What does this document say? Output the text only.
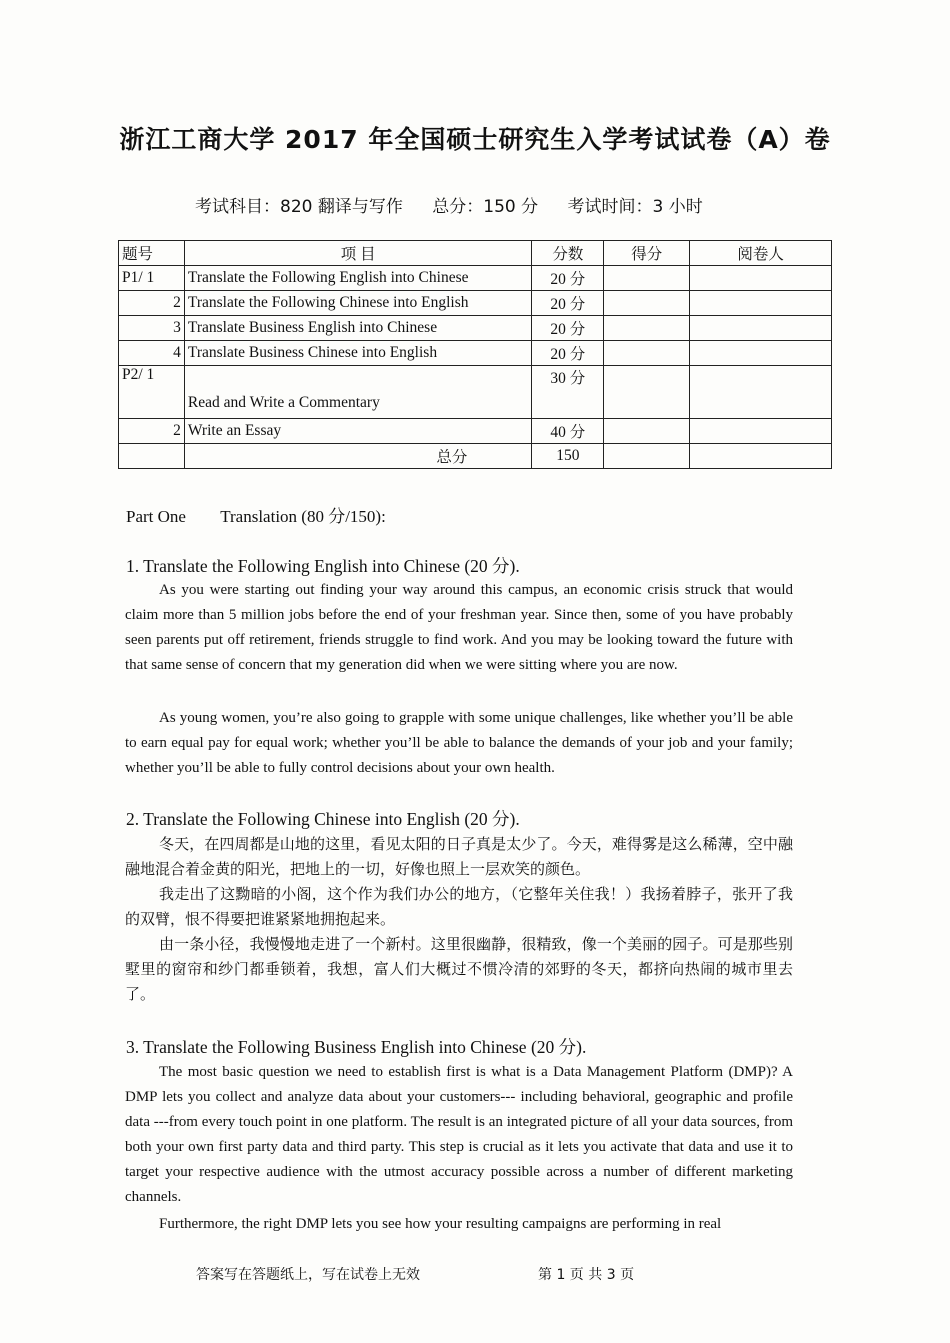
浙江工商大学 2017 年全国硕士研究生入学考试试卷（A）卷
考试科目：820 翻译与写作 总分：150 分 考试时间：3 小时
题号	项 目	分数	得分	阅卷人
P1/ 1	Translate the Following English into Chinese	20 分		
2	Translate the Following Chinese into English	20 分		
3	Translate Business English into Chinese	20 分		
4	Translate Business Chinese into English	20 分		
P2/ 1	Read and Write a Commentary	30 分		
2	Write an Essay	40 分		
	总分	150		
Part One Translation (80 分/150):
1. Translate the Following English into Chinese (20 分).
As you were starting out finding your way around this campus, an economic crisis struck that would claim more than 5 million jobs before the end of your freshman year. Since then, some of you have probably seen parents put off retirement, friends struggle to find work. And you may be looking toward the future with that same sense of concern that my generation did when we were sitting where you are now.
As young women, you’re also going to grapple with some unique challenges, like whether you’ll be able to earn equal pay for equal work; whether you’ll be able to balance the demands of your job and your family; whether you’ll be able to fully control decisions about your own health.
2. Translate the Following Chinese into English (20 分).
冬天，在四周都是山地的这里，看见太阳的日子真是太少了。今天，难得雾是这么稀薄，空中融融地混合着金黄的阳光，把地上的一切，好像也照上一层欢笑的颜色。
我走出了这黝暗的小阁，这个作为我们办公的地方，（它整年关住我！）我扬着脖子，张开了我的双臂，恨不得要把谁紧紧地拥抱起来。
由一条小径，我慢慢地走进了一个新村。这里很幽静，很精致，像一个美丽的园子。可是那些别墅里的窗帘和纱门都垂锁着，我想，富人们大概过不惯冷清的郊野的冬天，都挤向热闹的城市里去了。
3. Translate the Following Business English into Chinese (20 分).
The most basic question we need to establish first is what is a Data Management Platform (DMP)? A DMP lets you collect and analyze data about your customers--- including behavioral, geographic and profile data ---from every touch point in one platform. The result is an integrated picture of all your data sources, from both your own first party data and third party. This step is crucial as it lets you activate that data and use it to target your respective audience with the utmost accuracy possible across a number of different marketing channels.
Furthermore, the right DMP lets you see how your resulting campaigns are performing in real
答案写在答题纸上，写在试卷上无效	第 1 页 共 3 页
